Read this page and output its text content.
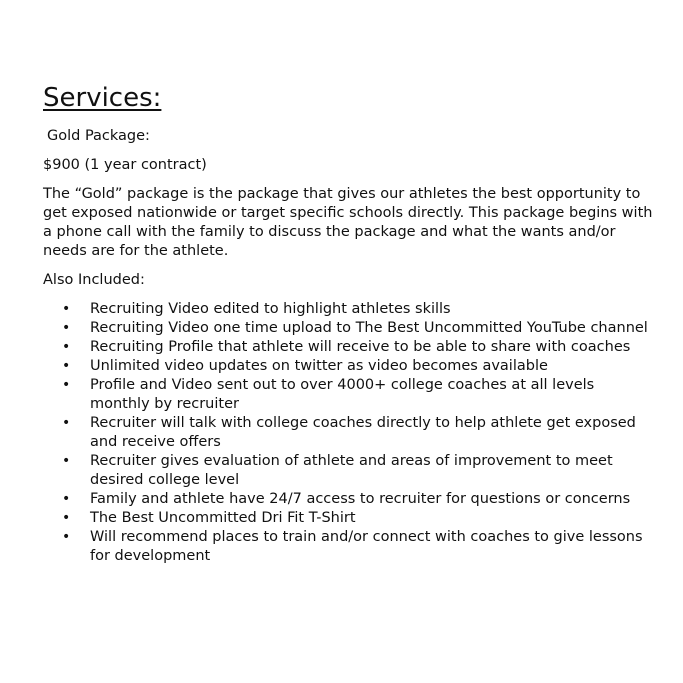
Services:

Gold Package:

$900 (1 year contract)

The “Gold” package is the package that gives our athletes the best opportunity to get exposed nationwide or target specific schools directly. This package begins with a phone call with the family to discuss the package and what the wants and/or needs are for the athlete.

Also Included:

•	Recruiting Video edited to highlight athletes skills
•	Recruiting Video one time upload to The Best Uncommitted YouTube channel
•	Recruiting Profile that athlete will receive to be able to share with coaches
•	Unlimited video updates on twitter as video becomes available
•	Profile and Video sent out to over 4000+ college coaches at all levels monthly by recruiter
•	Recruiter will talk with college coaches directly to help athlete get exposed and receive offers
•	Recruiter gives evaluation of athlete and areas of improvement to meet desired college level
•	Family and athlete have 24/7 access to recruiter for questions or concerns
•	The Best Uncommitted Dri Fit T-Shirt
•	Will recommend places to train and/or connect with coaches to give lessons for development
